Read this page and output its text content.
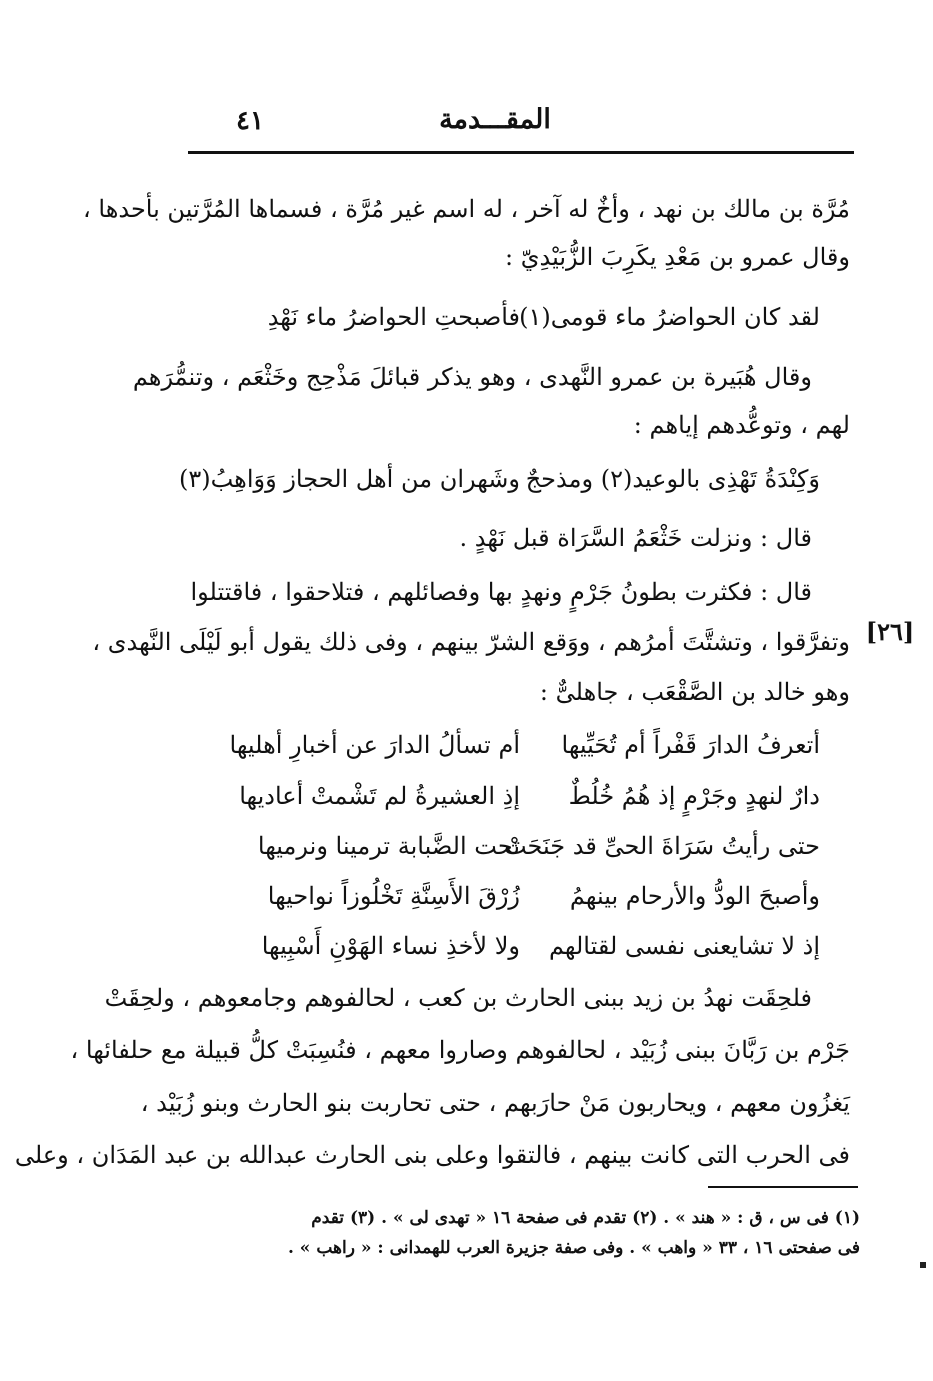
المقـــدمة
٤١
مُرَّة بن مالك بن نهد ، وأخٌ له آخر ، له اسم غير مُرَّة ، فسماها المُرَّتين بأحدها ،
وقال عمرو بن مَعْدِ يكَرِبَ الزُّبَيْدِيّ :
لقد كان الحواضرُ ماء قومى(١)
فأصبحتِ الحواضرُ ماء نَهْدِ
وقال هُبَيرة بن عمرو النَّهدى ، وهو يذكر قبائلَ مَذْحِج وخَثْعَم ، وتنمُّرَهم
لهم ، وتوعُّدهم إياهم :
وَكِنْدَةُ تَهْذِى بالوعيد(٢) ومذحجٌ
وشَهران من أهل الحجاز وَوَاهِبُ(٣)
قال : ونزلت خَثْعَمُ السَّرَاة قبل نَهْدٍ .
قال : فكثرت بطونُ جَرْمٍ ونهدٍ بها وفصائلهم ، فتلاحقوا ، فاقتتلوا
وتفرَّقوا ، وتشتَّتَ أمرُهم ، ووَقع الشرّ بينهم ، وفى ذلك يقول أبو لَيْلَى النَّهدى ،
وهو خالد بن الصَّقْعَب ، جاهلىٌّ :
[٢٦]
أتعرفُ الدارَ قَفْراً أم تُحَيِّيها
أم تسألُ الدارَ عن أخبارِ أهليها
دارٌ لنهدٍ وجَرْمٍ إذ هُمُ خُلُطٌ
إذِ العشيرةُ لم تَشْمتْ أعاديها
حتى رأيتُ سَرَاةَ الحىِّ قد جَنَحَتْ
تحت الضَّبابة ترمينا ونرميها
وأصبحَ الودُّ والأرحام بينهمُ
زُرْقَ الأَسِنَّةِ تَخْلُوزاً نواحيها
إذ لا تشايعنى نفسى لقتالهم
ولا لأخذِ نساء الهَوْنِ أَسْبِيها
فلحِقَت نهدُ بن زيد ببنى الحارث بن كعب ، لحالفوهم وجامعوهم ، ولحِقَتْ
جَرْم بن رَبَّانَ ببنى زُبَيْد ، لحالفوهم وصاروا معهم ، فنُسِبَتْ كلُّ قبيلة مع حلفائها ،
يَغزُون معهم ، ويحاربون مَنْ حارَبهم ، حتى تحاربت بنو الحارث وبنو زُبَيْد ،
فى الحرب التى كانت بينهم ، فالتقوا وعلى بنى الحارث عبدالله بن عبد المَدَان ، وعلى
(١) فى س ، ق : « هند » . (٢) تقدم فى صفحة ١٦ « تهدى لى » . (٣) تقدم
فى صفحتى ١٦ ، ٣٣ « واهب » . وفى صفة جزيرة العرب للهمدانى : « راهب » .
